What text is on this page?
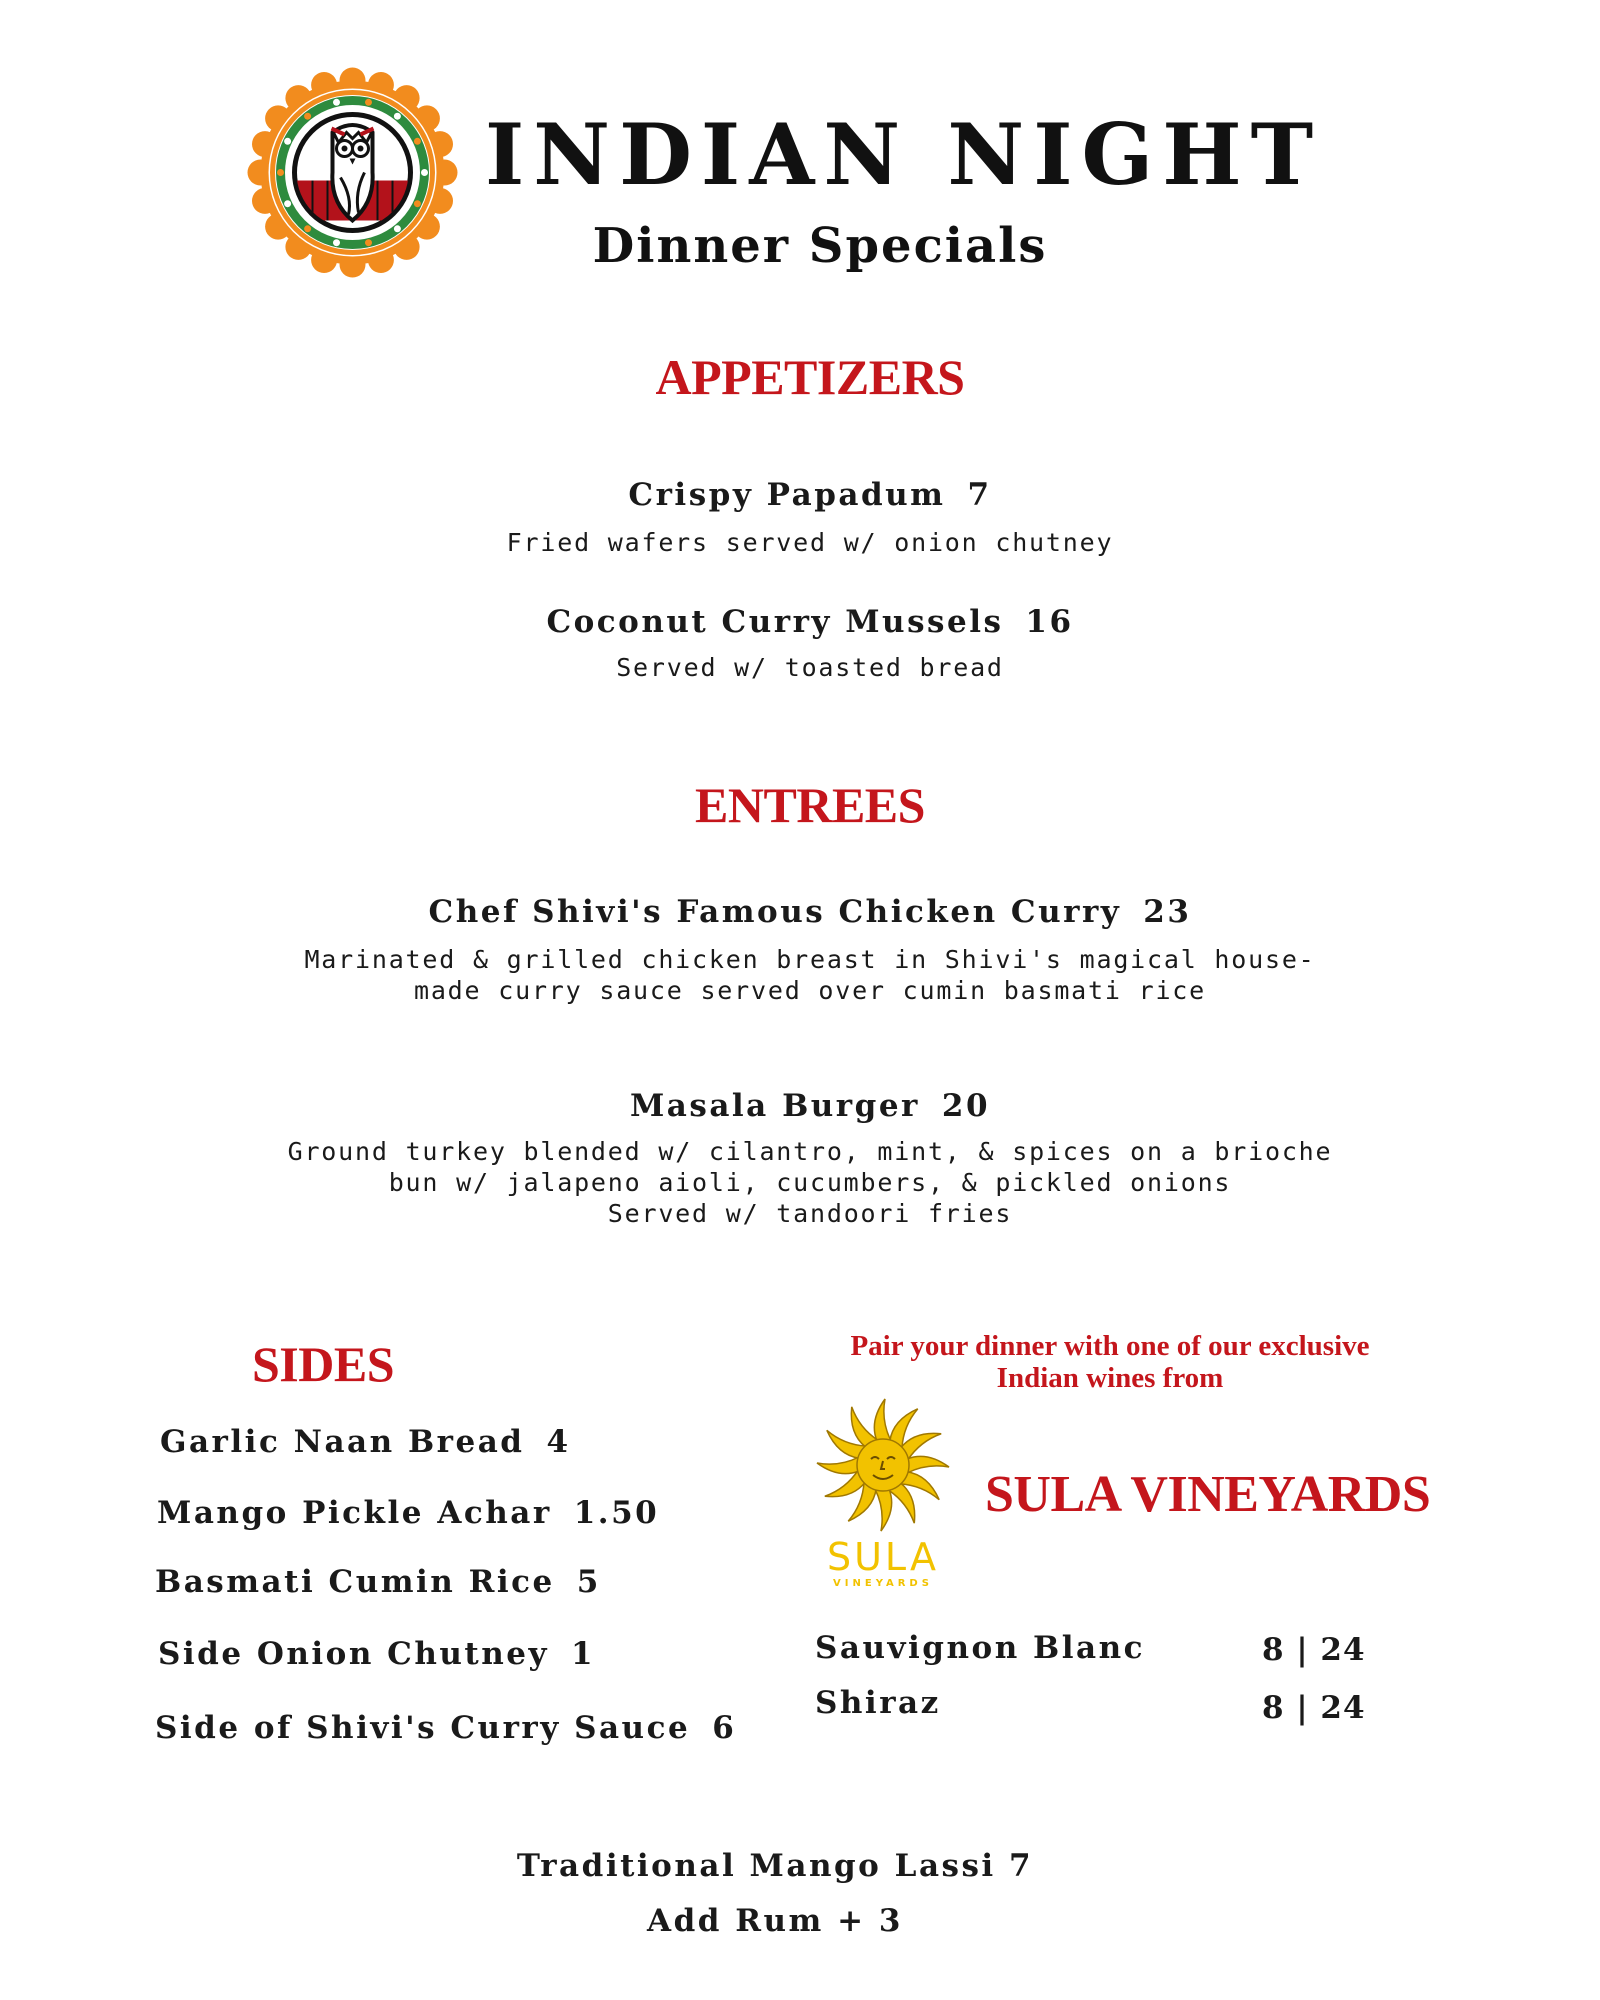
INDIAN NIGHT
Dinner Specials
APPETIZERS
Crispy Papadum 7
Fried wafers served w/ onion chutney
Coconut Curry Mussels 16
Served w/ toasted bread
ENTREES
Chef Shivi's Famous Chicken Curry 23
Marinated & grilled chicken breast in Shivi's magical house-
made curry sauce served over cumin basmati rice
Masala Burger 20
Ground turkey blended w/ cilantro, mint, & spices on a brioche
bun w/ jalapeno aioli, cucumbers, & pickled onions
Served w/ tandoori fries
SIDES
Garlic Naan Bread 4
Mango Pickle Achar 1.50
Basmati Cumin Rice 5
Side Onion Chutney 1
Side of Shivi's Curry Sauce 6
Pair your dinner with one of our exclusive
Indian wines from
SULA
VINEYARDS
SULA VINEYARDS
Sauvignon Blanc	8 | 24
Shiraz	8 | 24
Traditional Mango Lassi 7
Add Rum + 3
